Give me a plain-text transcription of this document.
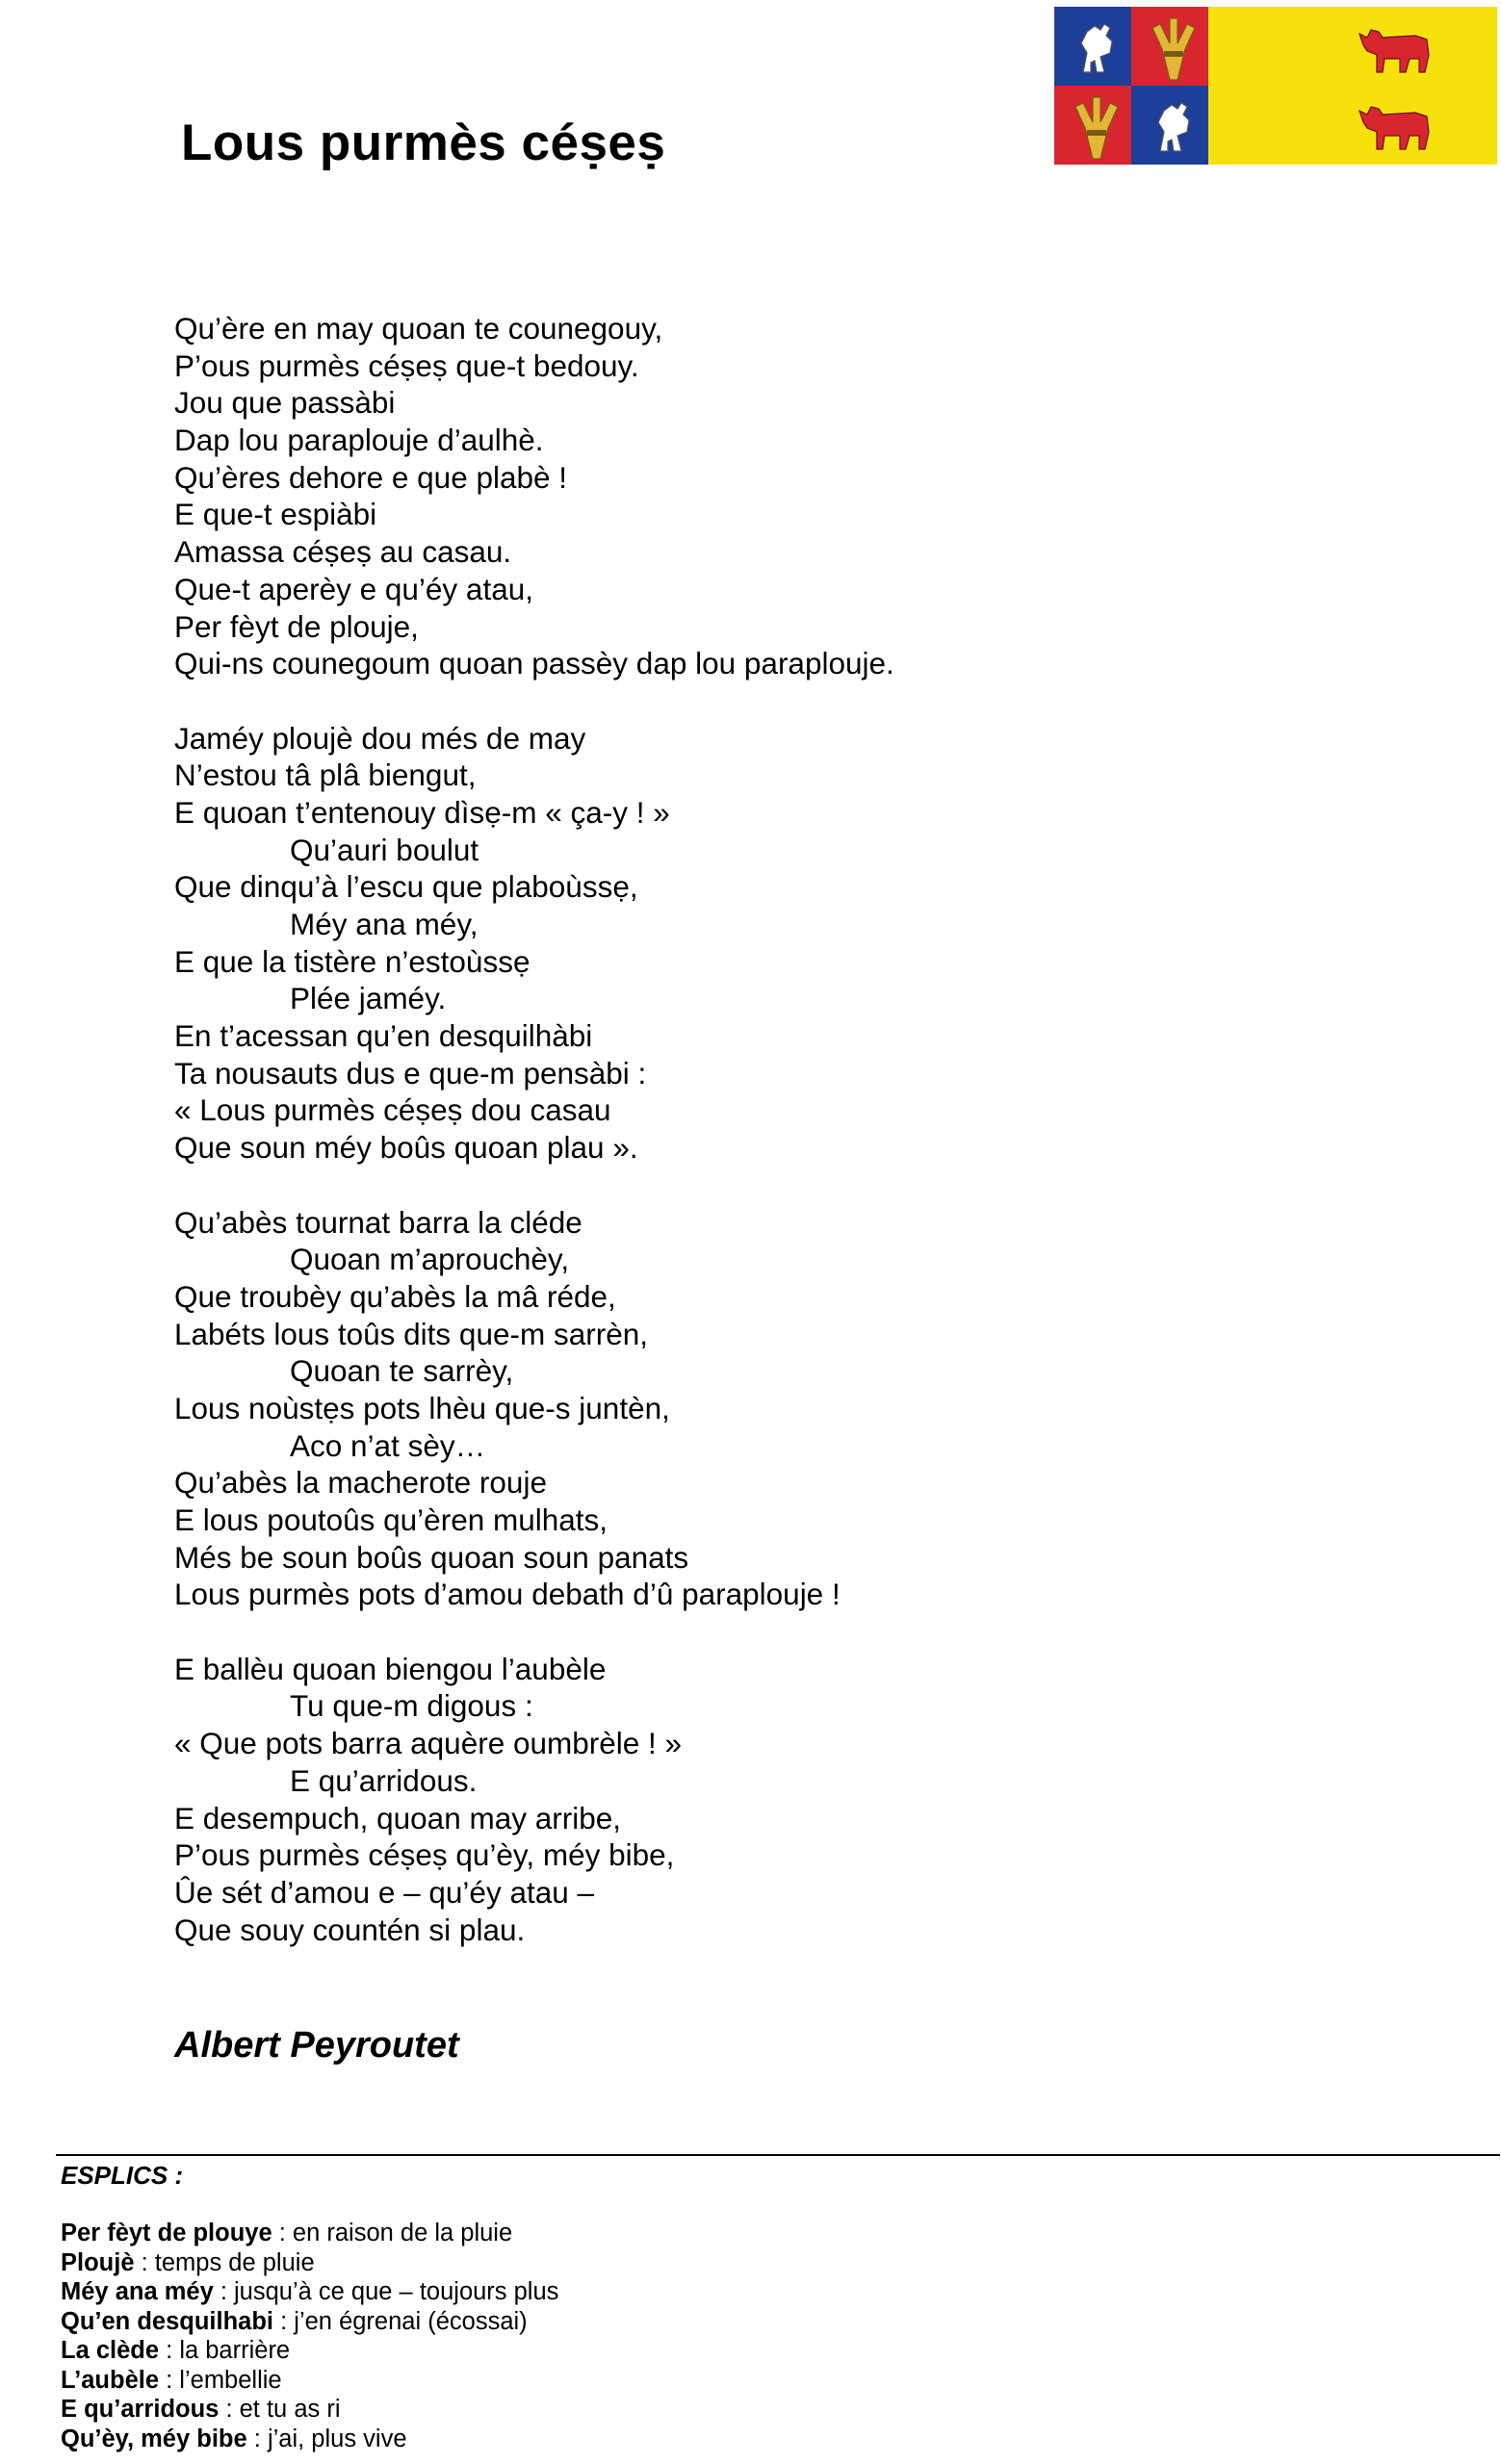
Lous purmès céṣeṣ
Qu’ère en may quoan te counegouy,
P’ous purmès céṣeṣ que-t bedouy.
Jou que passàbi
Dap lou paraplouje d’aulhè.
Qu’ères dehore e que plabè !
E que-t espiàbi
Amassa céṣeṣ au casau.
Que-t aperèy e qu’éy atau,
Per fèyt de plouje,
Qui-ns counegoum quoan passèy dap lou paraplouje.
Jaméy ploujè dou més de may
N’estou tâ plâ biengut,
E quoan t’entenouy dìsẹ-m « ça-y ! »
Qu’auri boulut
Que dinqu’à l’escu que plaboùssẹ,
Méy ana méy,
E que la tistère n’estoùssẹ
Plée jaméy.
En t’acessan qu’en desquilhàbi
Ta nousauts dus e que-m pensàbi :
« Lous purmès céṣeṣ dou casau
Que soun méy boûs quoan plau ».
Qu’abès tournat barra la cléde
Quoan m’aprouchèy,
Que troubèy qu’abès la mâ réde,
Labéts lous toûs dits que-m sarrèn,
Quoan te sarrèy,
Lous noùstẹs pots lhèu que-s juntèn,
Aco n’at sèy…
Qu’abès la macherote rouje
E lous poutoûs qu’èren mulhats,
Més be soun boûs quoan soun panats
Lous purmès pots d’amou debath d’û paraplouje !
E ballèu quoan biengou l’aubèle
Tu que-m digous :
« Que pots barra aquère oumbrèle ! »
E qu’arridous.
E desempuch, quoan may arribe,
P’ous purmès céṣeṣ qu’èy, méy bibe,
Ûe sét d’amou e – qu’éy atau –
Que souy countén si plau.

Albert Peyroutet

ESPLICS :

Per fèyt de plouye : en raison de la pluie
Ploujè : temps de pluie
Méy ana méy : jusqu’à ce que – toujours plus
Qu’en desquilhabi : j’en égrenai (écossai)
La clède : la barrière
L’aubèle : l’embellie
E qu’arridous : et tu as ri
Qu’èy, méy bibe : j’ai, plus vive
